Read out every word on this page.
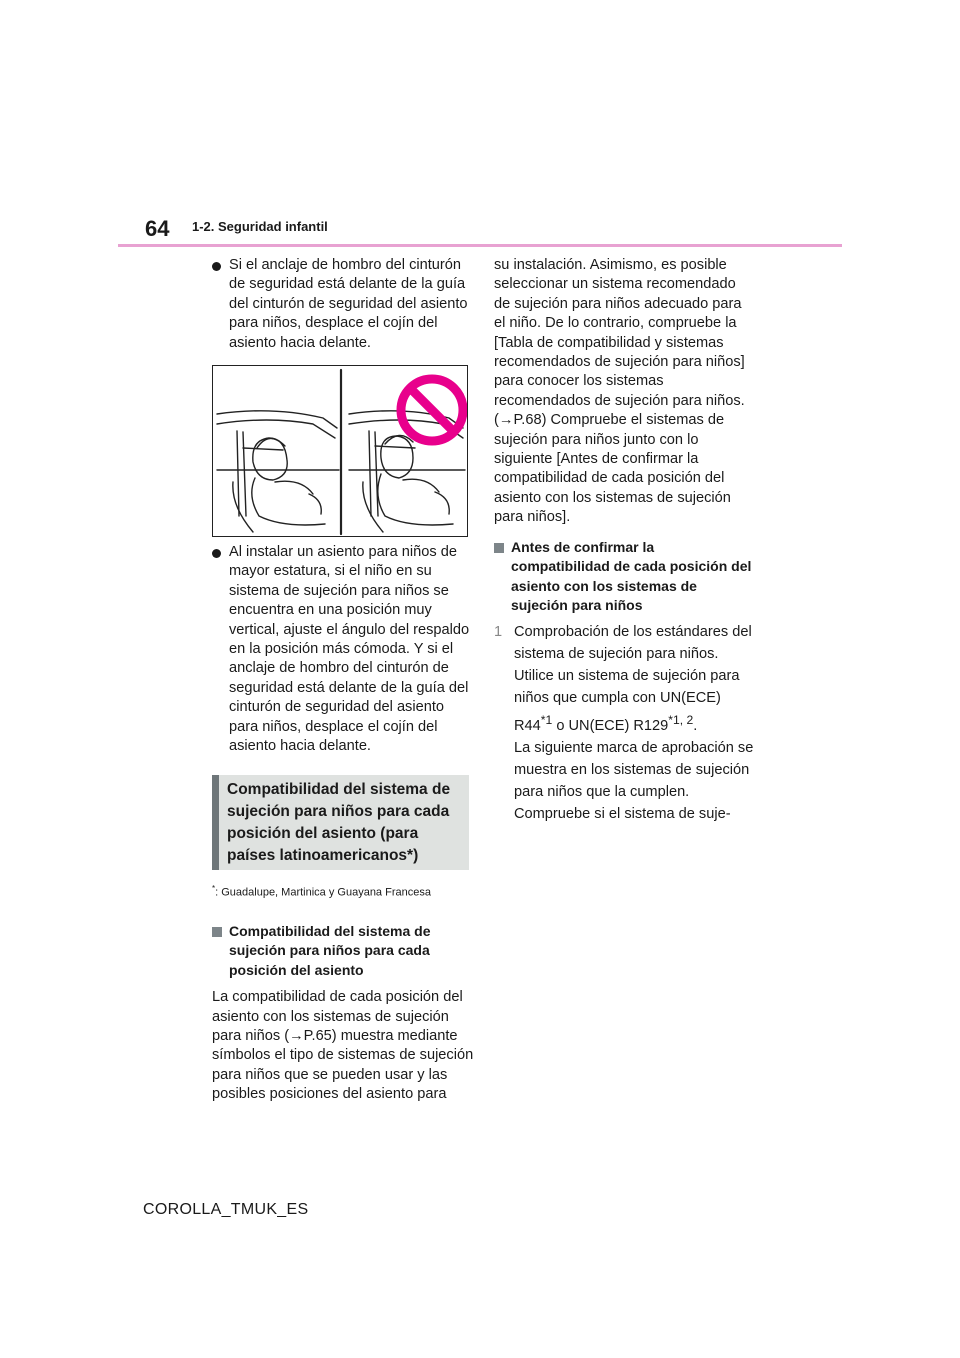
64 1-2. Seguridad infantil
Si el anclaje de hombro del cinturón de seguridad está delante de la guía del cinturón de seguridad del asiento para niños, desplace el cojín del asiento hacia delante.
Al instalar un asiento para niños de mayor estatura, si el niño en su sistema de sujeción para niños se encuentra en una posición muy vertical, ajuste el ángulo del respaldo en la posición más cómoda. Y si el anclaje de hombro del cinturón de seguridad está delante de la guía del cinturón de seguridad del asiento para niños, desplace el cojín del asiento hacia delante.
Compatibilidad del sistema de sujeción para niños para cada posición del asiento (para países latinoamericanos*)
*: Guadalupe, Martinica y Guayana Francesa
Compatibilidad del sistema de sujeción para niños para cada posición del asiento
La compatibilidad de cada posición del asiento con los sistemas de sujeción para niños (→P.65) muestra mediante símbolos el tipo de sistemas de sujeción para niños que se pueden usar y las posibles posiciones del asiento para
su instalación. Asimismo, es posible seleccionar un sistema recomendado de sujeción para niños adecuado para el niño. De lo contrario, compruebe la [Tabla de compatibilidad y sistemas recomendados de sujeción para niños] para conocer los sistemas recomendados de sujeción para niños. (→P.68) Compruebe el sistemas de sujeción para niños junto con lo siguiente [Antes de confirmar la compatibilidad de cada posición del asiento con los sistemas de sujeción para niños].
Antes de confirmar la compatibilidad de cada posición del asiento con los sistemas de sujeción para niños
1 Comprobación de los estándares del sistema de sujeción para niños.
Utilice un sistema de sujeción para niños que cumpla con UN(ECE) R44$^{*1}$ o UN(ECE) R129$^{*1, 2}$.
La siguiente marca de aprobación se muestra en los sistemas de sujeción para niños que la cumplen. Compruebe si el sistema de suje-
COROLLA_TMUK_ES
